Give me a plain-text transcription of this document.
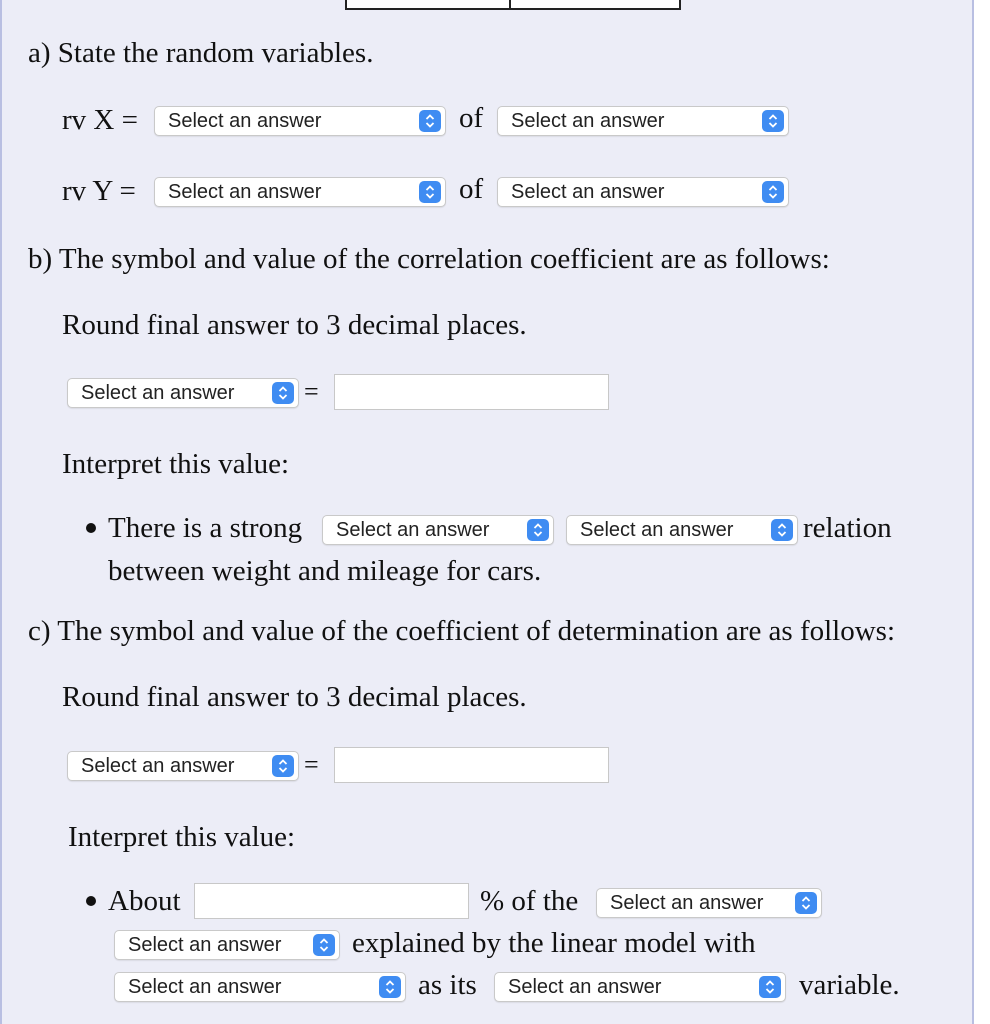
a) State the random variables.
rv X = Select an answer	of Select an answer
rv Y = Select an answer	of Select an answer
b) The symbol and value of the correlation coefficient are as follows:
Round final answer to 3 decimal places.
Select an answer	=
Interpret this value:
There is a strong Select an answer	Select an answer	relation
between weight and mileage for cars.
c) The symbol and value of the coefficient of determination are as follows:
Round final answer to 3 decimal places.
Select an answer	=
Interpret this value:
About	% of the Select an answer
Select an answer	explained by the linear model with
Select an answer	as its Select an answer	variable.
